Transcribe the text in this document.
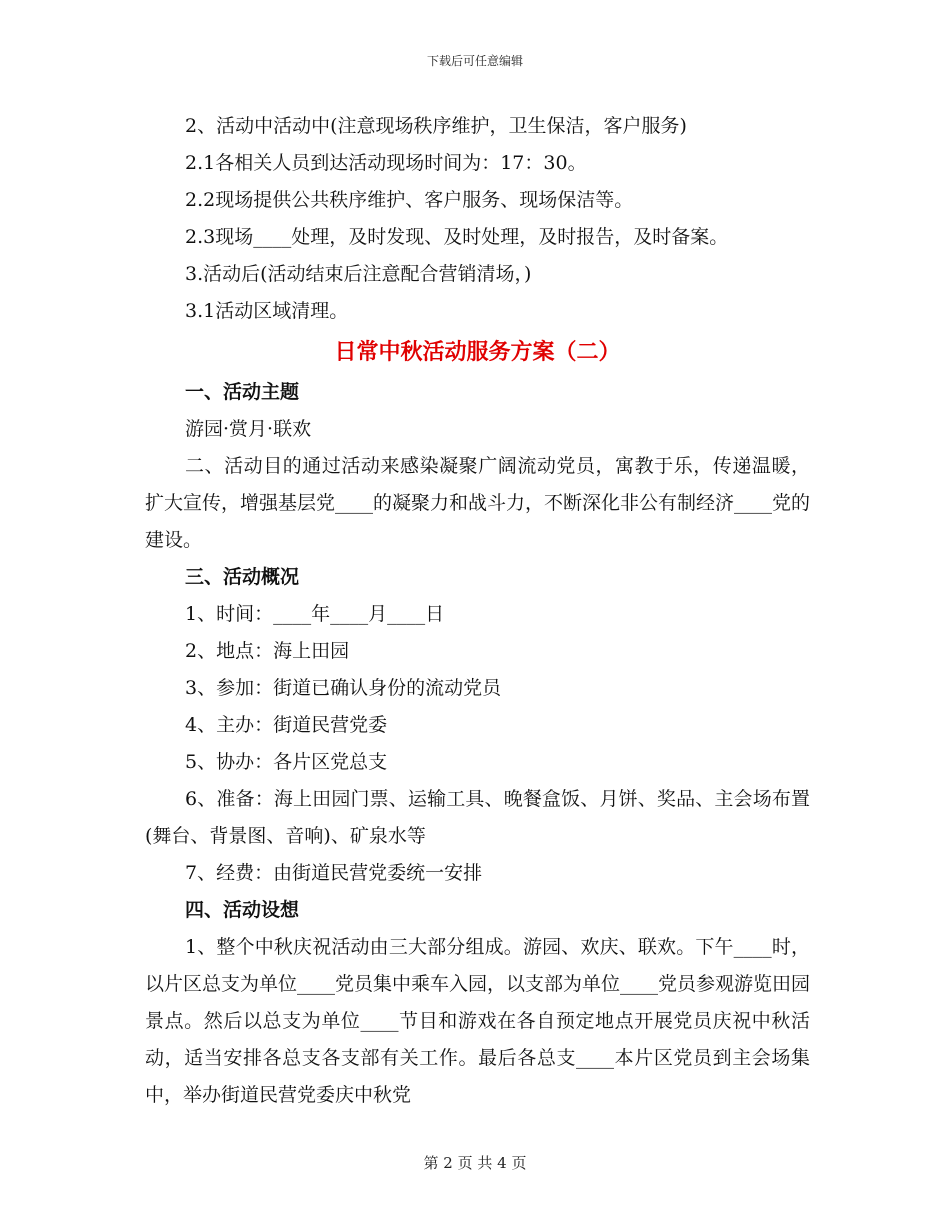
下载后可任意编辑

2、活动中活动中(注意现场秩序维护，卫生保洁，客户服务)

2.1各相关人员到达活动现场时间为：17：30。

2.2现场提供公共秩序维护、客户服务、现场保洁等。

2.3现场____处理，及时发现、及时处理，及时报告，及时备案。

3.活动后(活动结束后注意配合营销清场，)

3.1活动区域清理。

日常中秋活动服务方案（二）

一、活动主题

游园·赏月·联欢

二、活动目的通过活动来感染凝聚广阔流动党员，寓教于乐，传递温暖，扩大宣传，增强基层党____的凝聚力和战斗力，不断深化非公有制经济____党的建设。

三、活动概况

1、时间：____年____月____日

2、地点：海上田园

3、参加：街道已确认身份的流动党员

4、主办：街道民营党委

5、协办：各片区党总支

6、准备：海上田园门票、运输工具、晚餐盒饭、月饼、奖品、主会场布置(舞台、背景图、音响)、矿泉水等

7、经费：由街道民营党委统一安排

四、活动设想

1、整个中秋庆祝活动由三大部分组成。游园、欢庆、联欢。下午____时，以片区总支为单位____党员集中乘车入园，以支部为单位____党员参观游览田园景点。然后以总支为单位____节目和游戏在各自预定地点开展党员庆祝中秋活动，适当安排各总支各支部有关工作。最后各总支____本片区党员到主会场集中，举办街道民营党委庆中秋党

第 2 页 共 4 页
